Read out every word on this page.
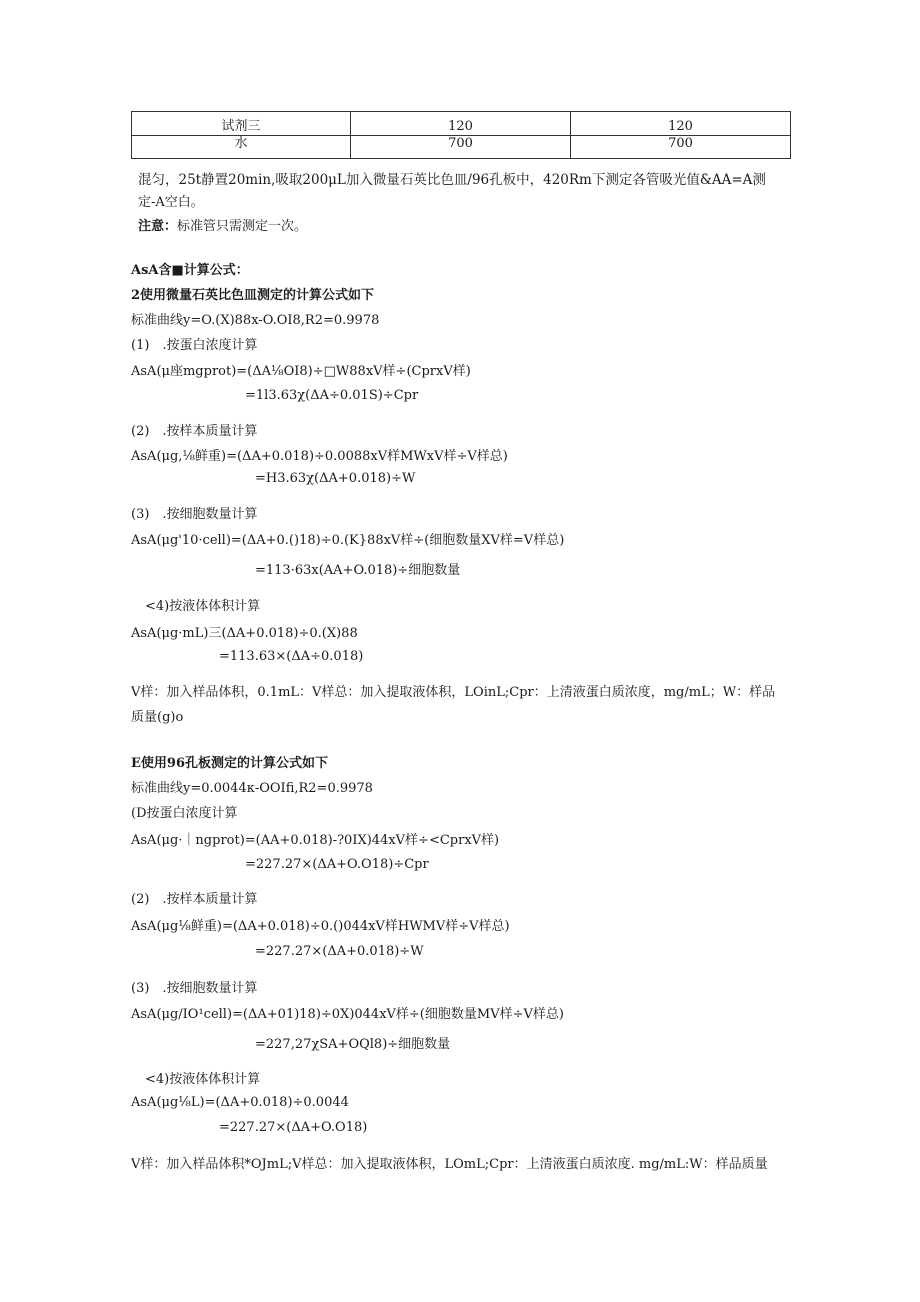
试剂三	120	120
水	700	700
混匀，25t静置20min,吸取200μL加入微量石英比色皿/96孔板中，420Rm下测定各管吸光值&AA=A测
定-A空白。
注意：标准管只需测定一次。
AsA含■计算公式：
2使用微量石英比色皿测定的计算公式如下
标准曲线y=O.(X)88x-O.OI8,R2=0.9978
(1)　.按蛋白浓度计算
AsA(μ座mgprot)=(ΔA⅛OI8)÷□W88xV样÷(CprxV样)
=1l3.63χ(ΔA÷0.01S)÷Cpr
(2)　.按样本质量计算
AsA(μg,⅛鲜重)=(ΔA+0.018)÷0.0088xV样MWxV样÷V样总)
=H3.63χ(ΔA+0.018)÷W
(3)　.按细胞数量计算
AsA(μg'10·cell)=(ΔA+0.()18)÷0.(K}88xV样÷(细胞数量XV样=V样总)
=113·63x(AA+O.018)÷细胞数量
<4)按液体体积计算
AsA(μg·mL)三(ΔA+0.018)÷0.(X)88
=113.63×(ΔA÷0.018)
V样：加入样品体积，0.1mL：V样总：加入提取液体积，LOinL;Cpr：上清液蛋白质浓度，mg/mL；W：样品
质量(g)o
E使用96孔板测定的计算公式如下
标准曲线y=0.0044κ-OOIfi,R2=0.9978
(D按蛋白浓度计算
AsA(μg·｜ngprot)=(AA+0.018)-?0IX)44xV样÷<CprxV样)
=227.27×(ΔA+O.O18)÷Cpr
(2)　.按样本质量计算
AsA(μg⅛鲜重)=(ΔA+0.018)÷0.()044xV样HWMV样÷V样总)
=227.27×(ΔA+0.018)÷W
(3)　.按细胞数量计算
AsA(μg/IO¹cell)=(ΔA+01)18)÷0X)044xV样÷(细胞数量MV样÷V样总)
=227,27χSA+OQl8)÷细胞数量
<4)按液体体积计算
AsA(μg⅛L)=(ΔA+0.018)÷0.0044
=227.27×(ΔA+O.O18)
V样：加入样品体积*OJmL;V样总：加入提取液体积，LOmL;Cpr：上清液蛋白质浓度. mg/mL:W：样品质量
